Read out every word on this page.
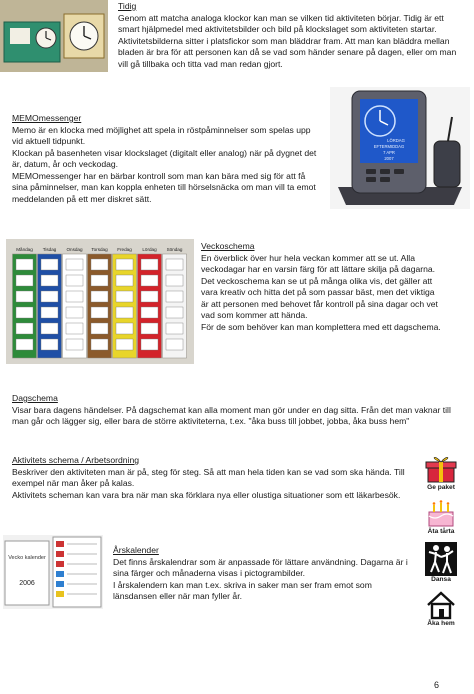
Tidig

Genom att matcha analoga klockor kan man se vilken tid aktiviteten börjar. Tidig är ett smart hjälpmedel med aktivitetsbilder och bild på klockslaget som aktiviteten startar.

Aktivitetsbilderna sitter i platsfickor som man bläddrar fram. Att man kan bläddra mellan bladen är bra för att personen kan då se vad som händer senare på dagen, eller om man vill gå tillbaka och titta vad man redan gjort.

MEMOmessenger

Memo är en klocka med möjlighet att spela in röstpåminnelser som spelas upp vid aktuell tidpunkt.

Klockan på basenheten visar klockslaget (digitalt eller analog) när på dygnet det är, datum, år och veckodag.

MEMOmessenger har en bärbar kontroll som man kan bära med sig för att få sina påminnelser, man kan koppla enheten till hörselsnäcka om man vill ta emot meddelanden på ett mer diskret sätt.

LÖRDAG
EFTERMIDDAG
7 APR
2007
Måndag Tisdag Onsdag Torsdag Fredag Lördag Söndag Veckoschema

En överblick över hur hela veckan kommer att se ut. Alla veckodagar har en varsin färg för att lättare skilja på dagarna.

Det veckoschema kan se ut på många olika vis, det gäller att vara kreativ och hitta det på som passar bäst, men det viktiga är att personen med behovet får kontroll på sina dagar och vet vad som kommer att hända.

För de som behöver kan man komplettera med ett dagschema.

Dagschema

Visar bara dagens händelser. På dagschemat kan alla moment man gör under en dag sitta. Från det man vaknar till man går och lägger sig, eller bara de större aktiviteterna, t.ex. "åka buss till jobbet, jobba, åka buss hem"

Aktivitets schema / Arbetsordning

Beskriver den aktiviteten man är på, steg för steg. Så att man hela tiden kan se vad som ska hända. Till exempel när man åker på kalas.

Aktivitets scheman kan vara bra när man ska förklara nya eller olustiga situationer som ett läkarbesök.

Vecko kalender
2006
Årskalender

Det finns årskalendrar som är anpassade för lättare användning. Dagarna är i sina färger och månaderna visas i pictogrambilder.

I årskalendern kan man t.ex. skriva in saker man ser fram emot som länsdansen eller när man fyller år.

Ge paket
Äta tårta
Dansa
Åka hem
6
